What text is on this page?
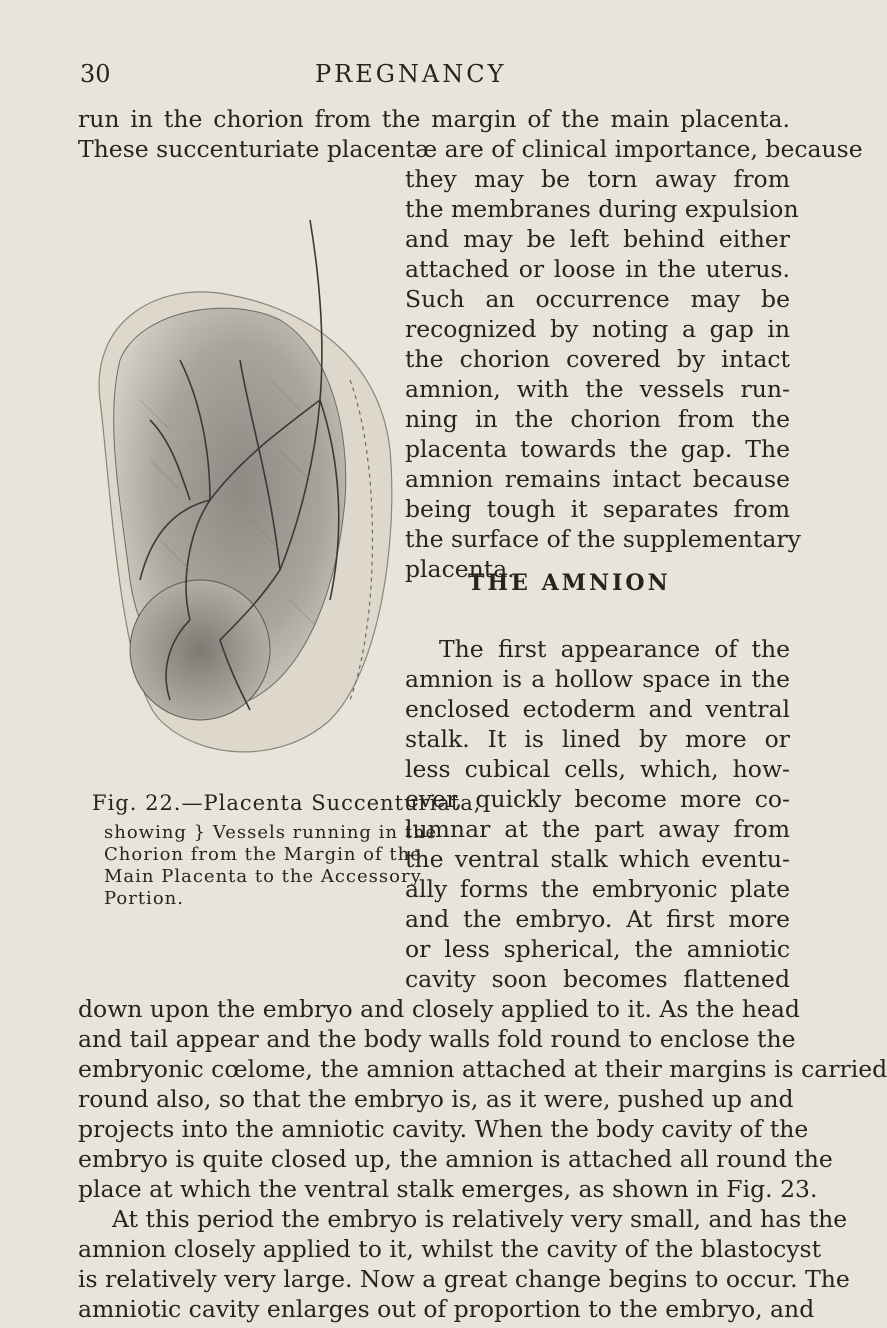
30	PREGNANCY
run in the chorion from the margin of the main placenta.
These succenturiate placentæ are of clinical importance, because
they may be torn away from
the membranes during expulsion
and may be left behind either
attached or loose in the uterus.
Such an occurrence may be
recognized by noting a gap in
the chorion covered by intact
amnion, with the vessels run-
ning in the chorion from the
placenta towards the gap. The
amnion remains intact because
being tough it separates from
the surface of the supplementary
placenta.
THE AMNION
The first appearance of the
amnion is a hollow space in the
enclosed ectoderm and ventral
stalk. It is lined by more or
less cubical cells, which, how-
ever, quickly become more co-
lumnar at the part away from
the ventral stalk which eventu-
ally forms the embryonic plate
and the embryo. At first more
or less spherical, the amniotic
cavity soon becomes flattened
Fig. 22.—Placenta Succenturiata,
showing } Vessels running in the
Chorion from the Margin of the
Main Placenta to the Accessory
Portion.
down upon the embryo and closely applied to it. As the head
and tail appear and the body walls fold round to enclose the
embryonic cœlome, the amnion attached at their margins is carried
round also, so that the embryo is, as it were, pushed up and
projects into the amniotic cavity. When the body cavity of the
embryo is quite closed up, the amnion is attached all round the
place at which the ventral stalk emerges, as shown in Fig. 23.
At this period the embryo is relatively very small, and has the
amnion closely applied to it, whilst the cavity of the blastocyst
is relatively very large. Now a great change begins to occur. The
amniotic cavity enlarges out of proportion to the embryo, and
